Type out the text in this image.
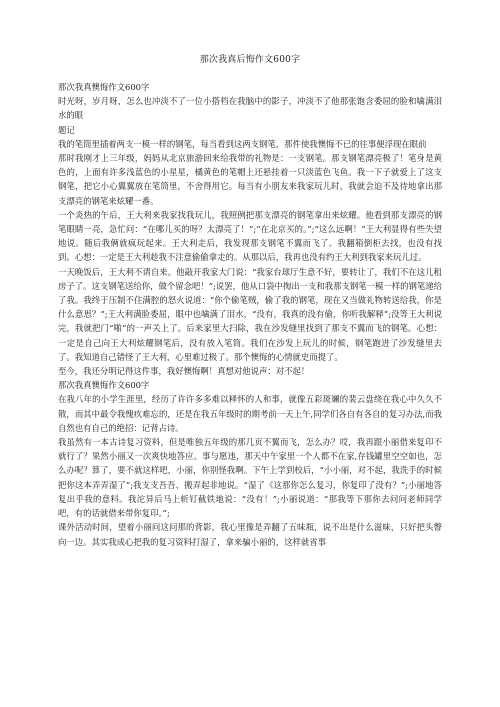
那次我真后悔作文600字

那次我真懊悔作文600字

时光呀，岁月呀，怎么也冲淡不了一位小搭档在我脑中的影子，冲淡不了他那张饱含委屈的脸和噙满泪水的眼

题记

我的笔筒里插着两支一模一样的钢笔，每当看到这两支钢笔，那件使我懊悔不已的往事便浮现在眼前

那时我刚才上三年级，妈妈从北京旅游回来给我带的礼物是：一支钢笔。那支钢笔漂亮极了！笔身是黄色的，上面有许多浅蓝色的小星星，橘黄色的笔帽上还悬挂着一只淡蓝色飞鱼。我一下子就爱上了这支钢笔，把它小心翼翼放在笔筒里，不舍得用它。每当有小朋友来我家玩儿时，我就会迫不及待地拿出那支漂亮的钢笔来炫耀一番。

一个炎热的午后，王大利来我家找我玩儿，我照例把那支漂亮的钢笔拿出来炫耀。他看到那支漂亮的钢笔眼睛一亮，急忙问：“在哪儿买的呀？太漂亮了！”;“在北京买的。”;“这么远啊！”王大利显得有些失望地说。随后我俩就疯玩起来。王大利走后，我发现那支钢笔不翼而飞了。我翻箱倒柜去找，也没有找到。心想：一定是王大利趁我不注意偷偷拿走的。从那以后，我再也没有约王大利到我家来玩儿过。

一天晚饭后，王大利不请自来。他敲开我家大门说：“我家台球厅生意不好，要转让了，我们不在这儿租房子了。这支钢笔送给你，做个留念吧！”;说罢，他从口袋中掏出一支和我那支钢笔一模一样的钢笔递给了我。我终于压制不住满腔的怒火说道：“你个偷笔贼，偷了我的钢笔，现在又当做礼物转送给我，你是什么意思？”;王大利满脸委屈，眼中也噙满了泪水，“没有，我真的没有偷，你听我解释”;没等王大利说完，我就把门“啪”的一声关上了。后来家里大扫除，我在沙发缝里找到了那支不翼而飞的钢笔。心想：一定是自己向王大利炫耀钢笔后，没有放入笔筒。我们在沙发上玩儿的时候，钢笔跑进了沙发缝里去了。我知道自己错怪了王大利，心里难过极了。那个懊悔的心情就史而提了。

至今，我还分明记得这件事，我好懊悔啊！真想对他说声：对不起！

那次我真懊悔作文600字

在我八年的小学生涯里，经历了许许多多难以释怀的人和事，就像五彩斑斓的裴云盘绕在我心中久久不散，而其中最令我愧疚难忘的，还是在我五年级时的期考前一天上午,同学们各自有各自的复习办法,而我自然也有自己的绝招：记背占诗。

我虽然有一本古诗复习资料，但是唯独五年级的那几页不翼而飞，怎么办？哎，我再跟小丽借来复印不就行了？果然小丽又一次爽快地答应。事与愿违，那天中午家里一个人都不在家,存钱罐里空空如也，怎么办呢？算了，要不就这样吧，小丽，你别怪我啊。下午上学到校后，“小小丽，对不起，我洗手的时候把你这本弄弄湿了”;我支支吾吾、搬弄起非地说。“湿了《这那你怎么复习，你复印了没有？”;小丽地答复出乎我的意料。我沱异后马上斩钉截铁地说：“没有！”;小丽说道：“那我等下那你去问问老师同学吧，有的话就借来带你复印。”;

课外活动时间，望着小丽问这问那的背影，我心里像是弄翻了五味瓶，说不出是什么滋味，只好把头瞥向一边。其实我成心把我的复习资料打湿了，拿来骗小丽的，这样就省事
